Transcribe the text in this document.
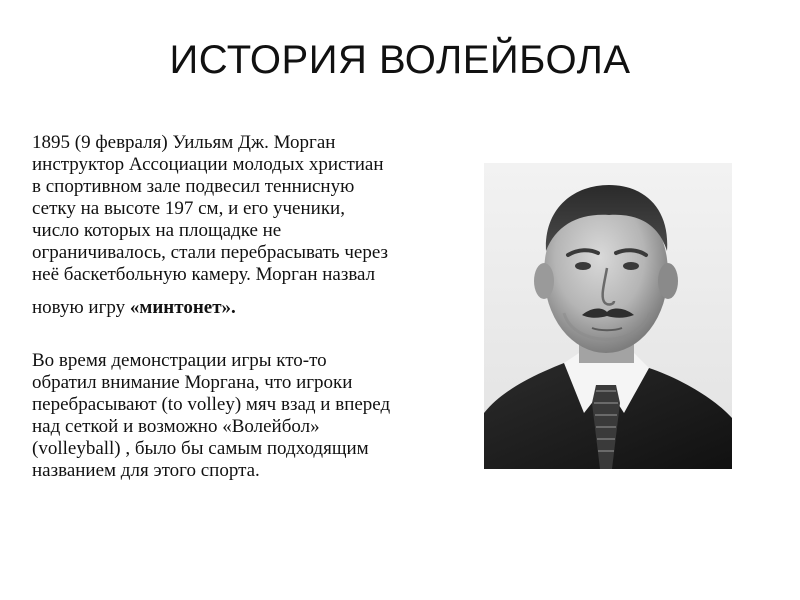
ИСТОРИЯ ВОЛЕЙБОЛА
1895 (9 февраля) Уильям Дж. Морган
инструктор Ассоциации молодых христиан
в спортивном зале подвесил теннисную
сетку на высоте 197 см, и его ученики,
число которых на площадке не
ограничивалось, стали перебрасывать через
неё баскетбольную камеру. Морган назвал
новую игру «минтонет».
Во время демонстрации игры кто-то
обратил внимание Моргана, что игроки
перебрасывают (to volley) мяч взад и вперед
над сеткой и возможно «Волейбол»
(volleyball) , было бы самым подходящим
названием для этого спорта.
